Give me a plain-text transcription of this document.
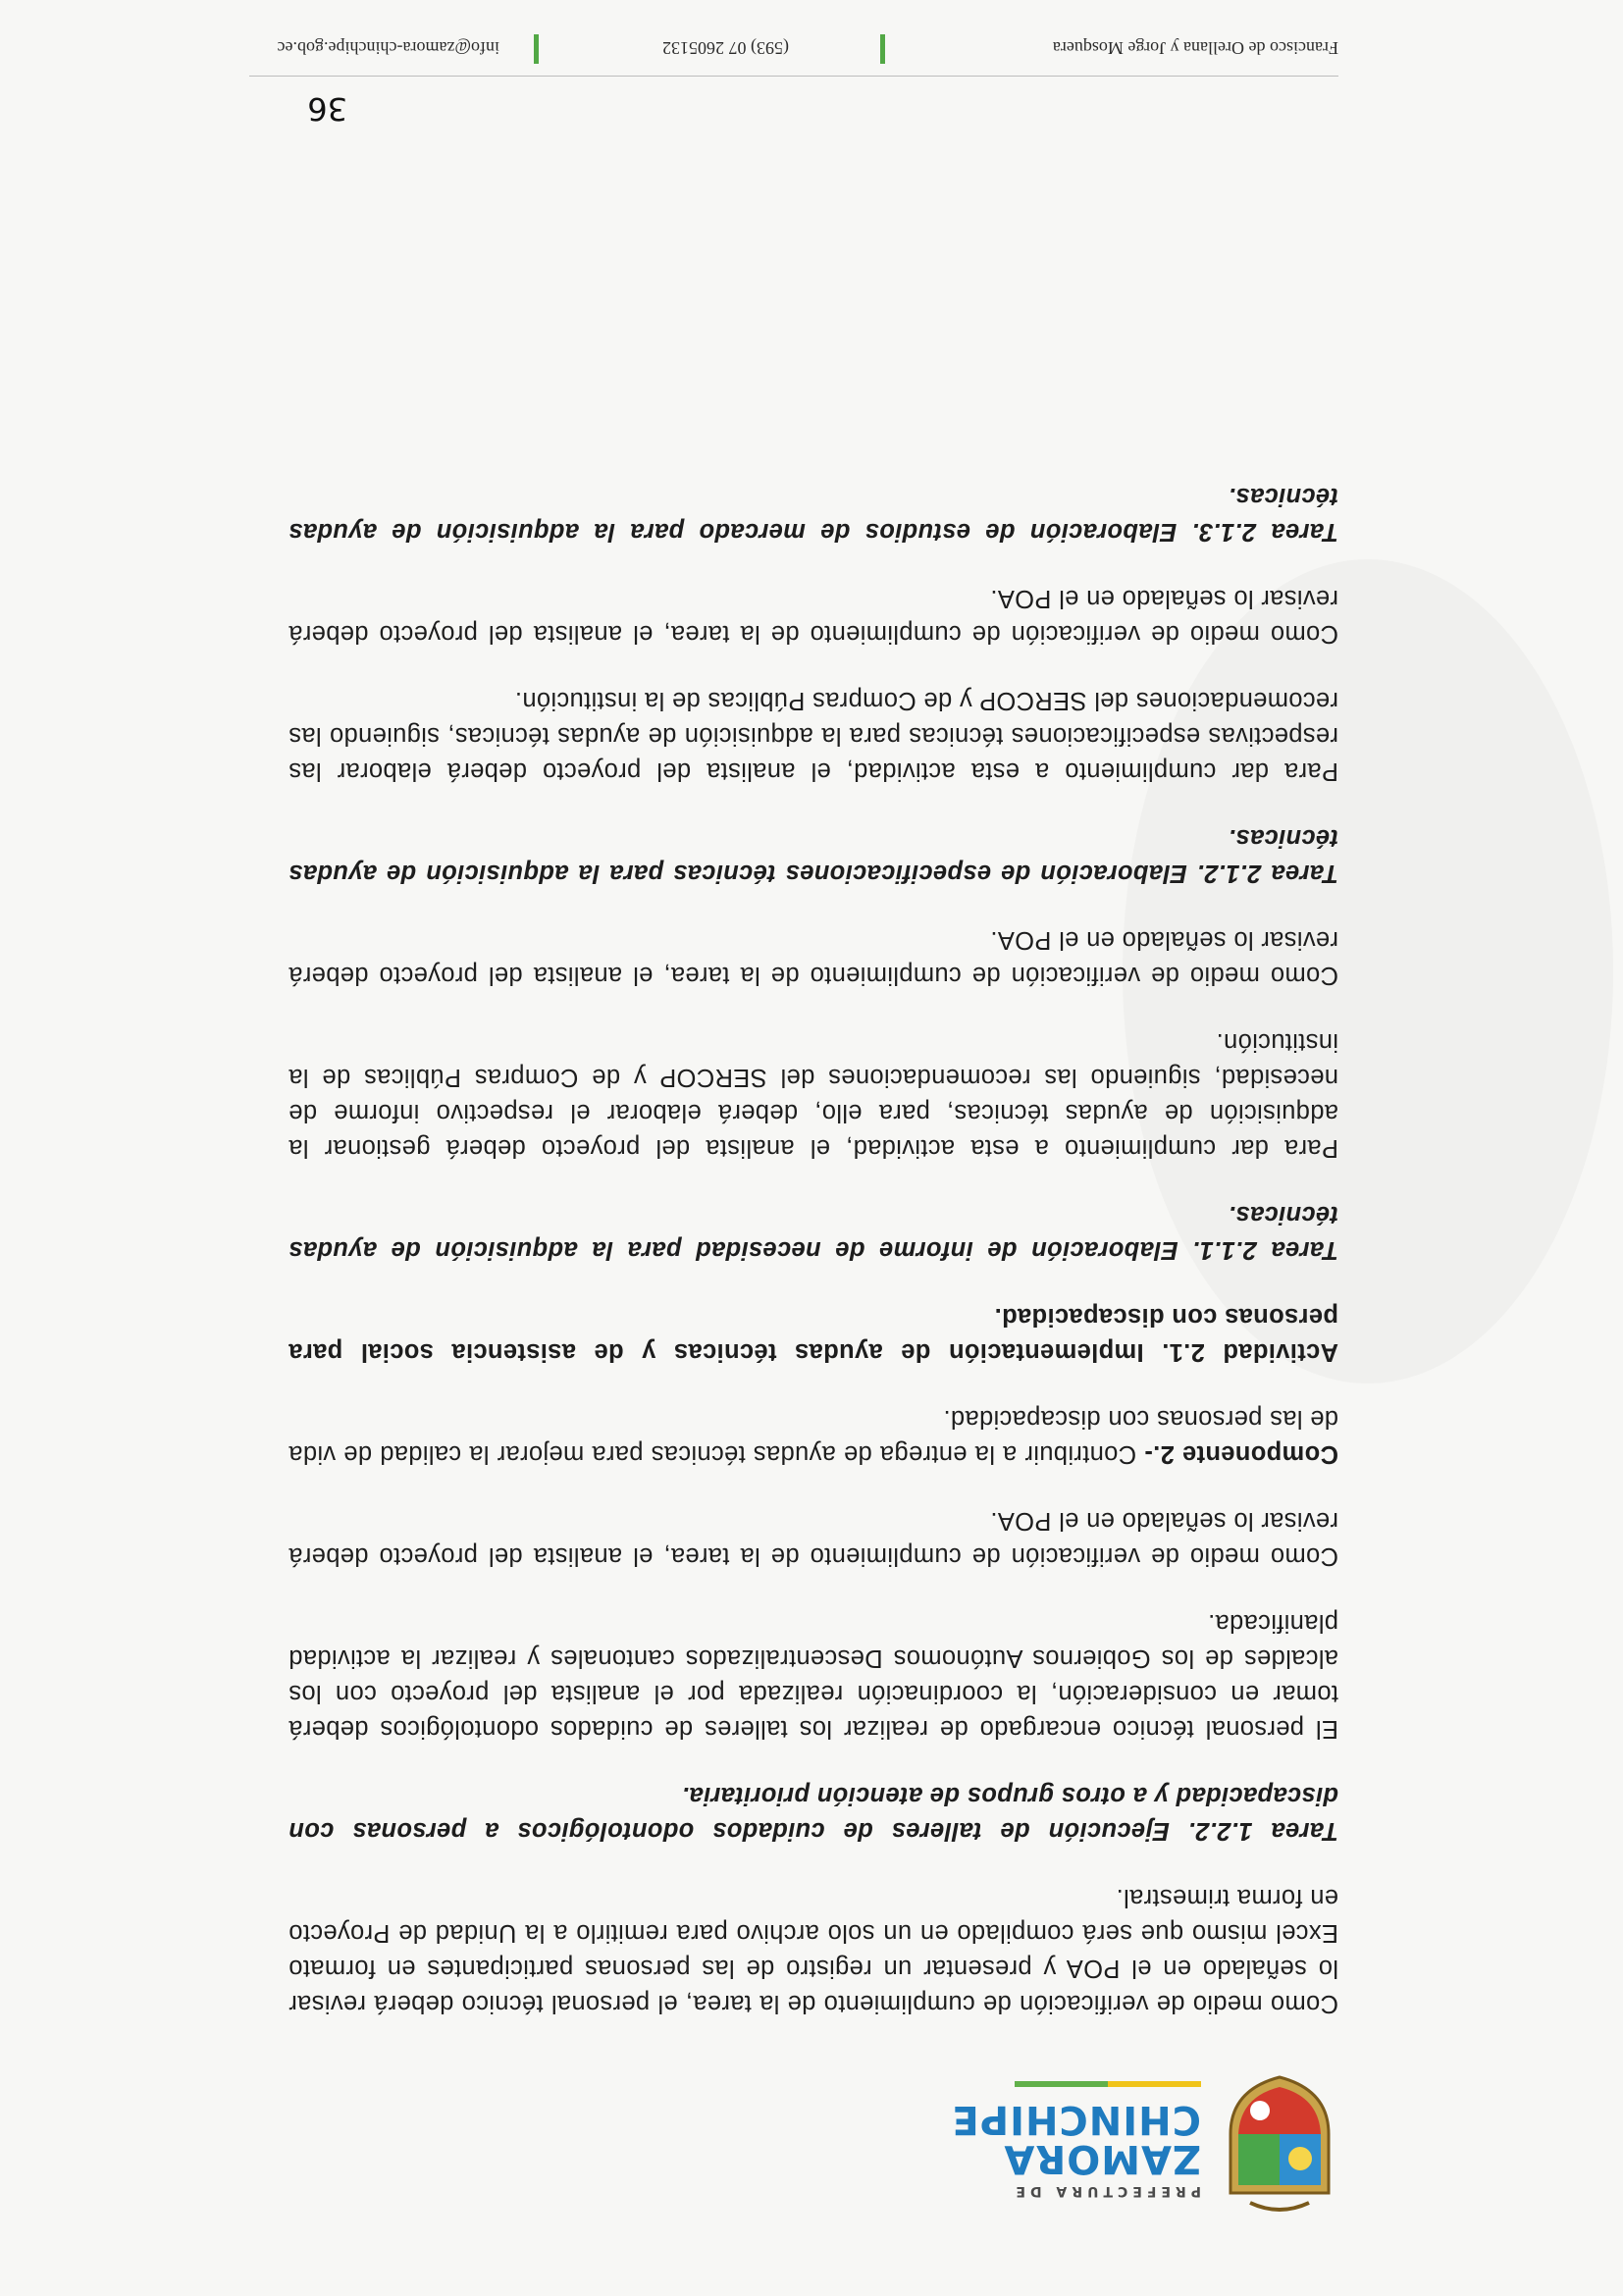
PREFECTURA DE
ZAMORA
CHINCHIPE

Como medio de verificación de cumplimiento de la tarea, el personal técnico deberá revisar lo señalado en el POA y presentar un registro de las personas participantes en formato Excel mismo que será compilado en un solo archivo para remitirlo a la Unidad de Proyecto en forma trimestral.

Tarea 1.2.2. Ejecución de talleres de cuidados odontológicos a personas con discapacidad y a otros grupos de atención prioritaria.

El personal técnico encargado de realizar los talleres de cuidados odontológicos deberá tomar en consideración, la coordinación realizada por el analista del proyecto con los alcaldes de los Gobiernos Autónomos Descentralizados cantonales y realizar la actividad planificada.

Como medio de verificación de cumplimiento de la tarea, el analista del proyecto deberá revisar lo señalado en el POA.

Componente 2.- Contribuir a la entrega de ayudas técnicas para mejorar la calidad de vida de las personas con discapacidad.

Actividad 2.1. Implementación de ayudas técnicas y de asistencia social para personas con discapacidad.

Tarea 2.1.1. Elaboración de informe de necesidad para la adquisición de ayudas técnicas.

Para dar cumplimiento a esta actividad, el analista del proyecto deberá gestionar la adquisición de ayudas técnicas, para ello, deberá elaborar el respectivo informe de necesidad, siguiendo las recomendaciones del SERCOP y de Compras Públicas de la institución.

Como medio de verificación de cumplimiento de la tarea, el analista del proyecto deberá revisar lo señalado en el POA.

Tarea 2.1.2. Elaboración de especificaciones técnicas para la adquisición de ayudas técnicas.

Para dar cumplimiento a esta actividad, el analista del proyecto deberá elaborar las respectivas especificaciones técnicas para la adquisición de ayudas técnicas, siguiendo las recomendaciones del SERCOP y de Compras Públicas de la institución.

Como medio de verificación de cumplimiento de la tarea, el analista del proyecto deberá revisar lo señalado en el POA.

Tarea 2.1.3. Elaboración de estudios de mercado para la adquisición de ayudas técnicas.

36
Francisco de Orellana y Jorge Mosquera
(593) 07 2605132
info@zamora-chinchipe.gob.ec
